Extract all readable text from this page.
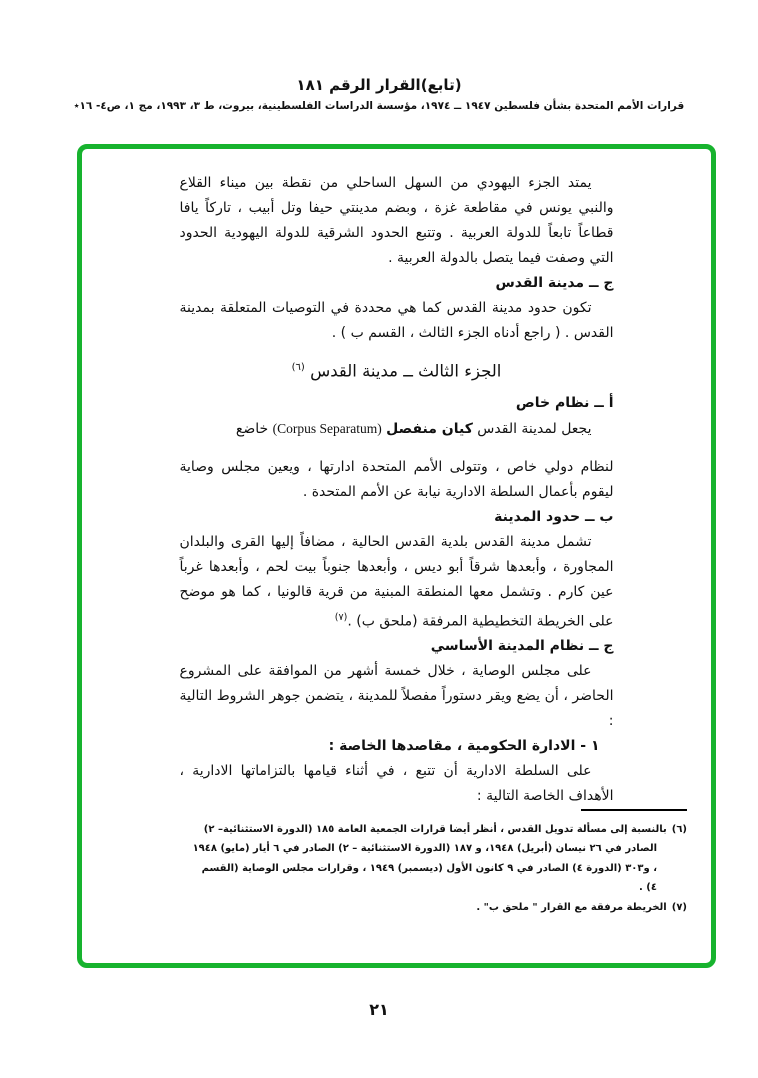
(تابع)القرار الرقم ١٨١
قرارات الأمم المتحدة بشأن فلسطين ١٩٤٧ ــ ١٩٧٤، مؤسسة الدراسات الفلسطينية، بيروت، ط ٣، ١٩٩٣، مج ١، ص٤- ١٦٭
يمتد الجزء اليهودي من السهل الساحلي من نقطة بين ميناء القلاع والنبي يونس في مقاطعة غزة ، وبضم مدينتي حيفا وتل أبيب ، تاركاً يافا قطاعاً تابعاً للدولة العربية . وتتبع الحدود الشرقية للدولة اليهودية الحدود التي وصفت فيما يتصل بالدولة العربية .
ج ــ مدينة القدس
تكون حدود مدينة القدس كما هي محددة في التوصيات المتعلقة بمدينة القدس . ( راجع أدناه الجزء الثالث ، القسم ب ) .
الجزء الثالث ــ مدينة القدس $^{(٦)}$
أ ــ نظام خاص
يجعل لمدينة القدس كيان منفصل (Corpus Separatum) خاضع
لنظام دولي خاص ، وتتولى الأمم المتحدة ادارتها ، ويعين مجلس وصاية ليقوم بأعمال السلطة الادارية نيابة عن الأمم المتحدة .
ب ــ حدود المدينة
تشمل مدينة القدس بلدية القدس الحالية ، مضافاً إليها القرى والبلدان المجاورة ، وأبعدها شرقاً أبو ديس ، وأبعدها جنوباً بيت لحم ، وأبعدها غرباً عين كارم . وتشمل معها المنطقة المبنية من قرية قالونيا ، كما هو موضح على الخريطة التخطيطية المرفقة (ملحق ب) .$^{(٧)}$
ج ــ نظام المدينة الأساسي
على مجلس الوصاية ، خلال خمسة أشهر من الموافقة على المشروع الحاضر ، أن يضع ويقر دستوراً مفصلاً للمدينة ، يتضمن جوهر الشروط التالية :
١ - الادارة الحكومية ، مقاصدها الخاصة :
على السلطة الادارية أن تتبع ، في أثناء قيامها بالتزاماتها الادارية ، الأهداف الخاصة التالية :
(٦)بالنسبة إلى مسألة تدويل القدس ، أنظر أيضا قرارات الجمعية العامة ١٨٥ (الدورة الاستثنائية– ٢) الصادر في ٢٦ نيسان (أبريل) ١٩٤٨، و ١٨٧ (الدورة الاستثنائية – ٢) الصادر في ٦ أيار (مايو) ١٩٤٨ ، و٣٠٣ (الدورة ٤) الصادر في ٩ كانون الأول (ديسمبر) ١٩٤٩ ، وقرارات مجلس الوصاية (القسم ٤) .
(٧)الخريطة مرفقة مع القرار " ملحق ب" .
٢١
